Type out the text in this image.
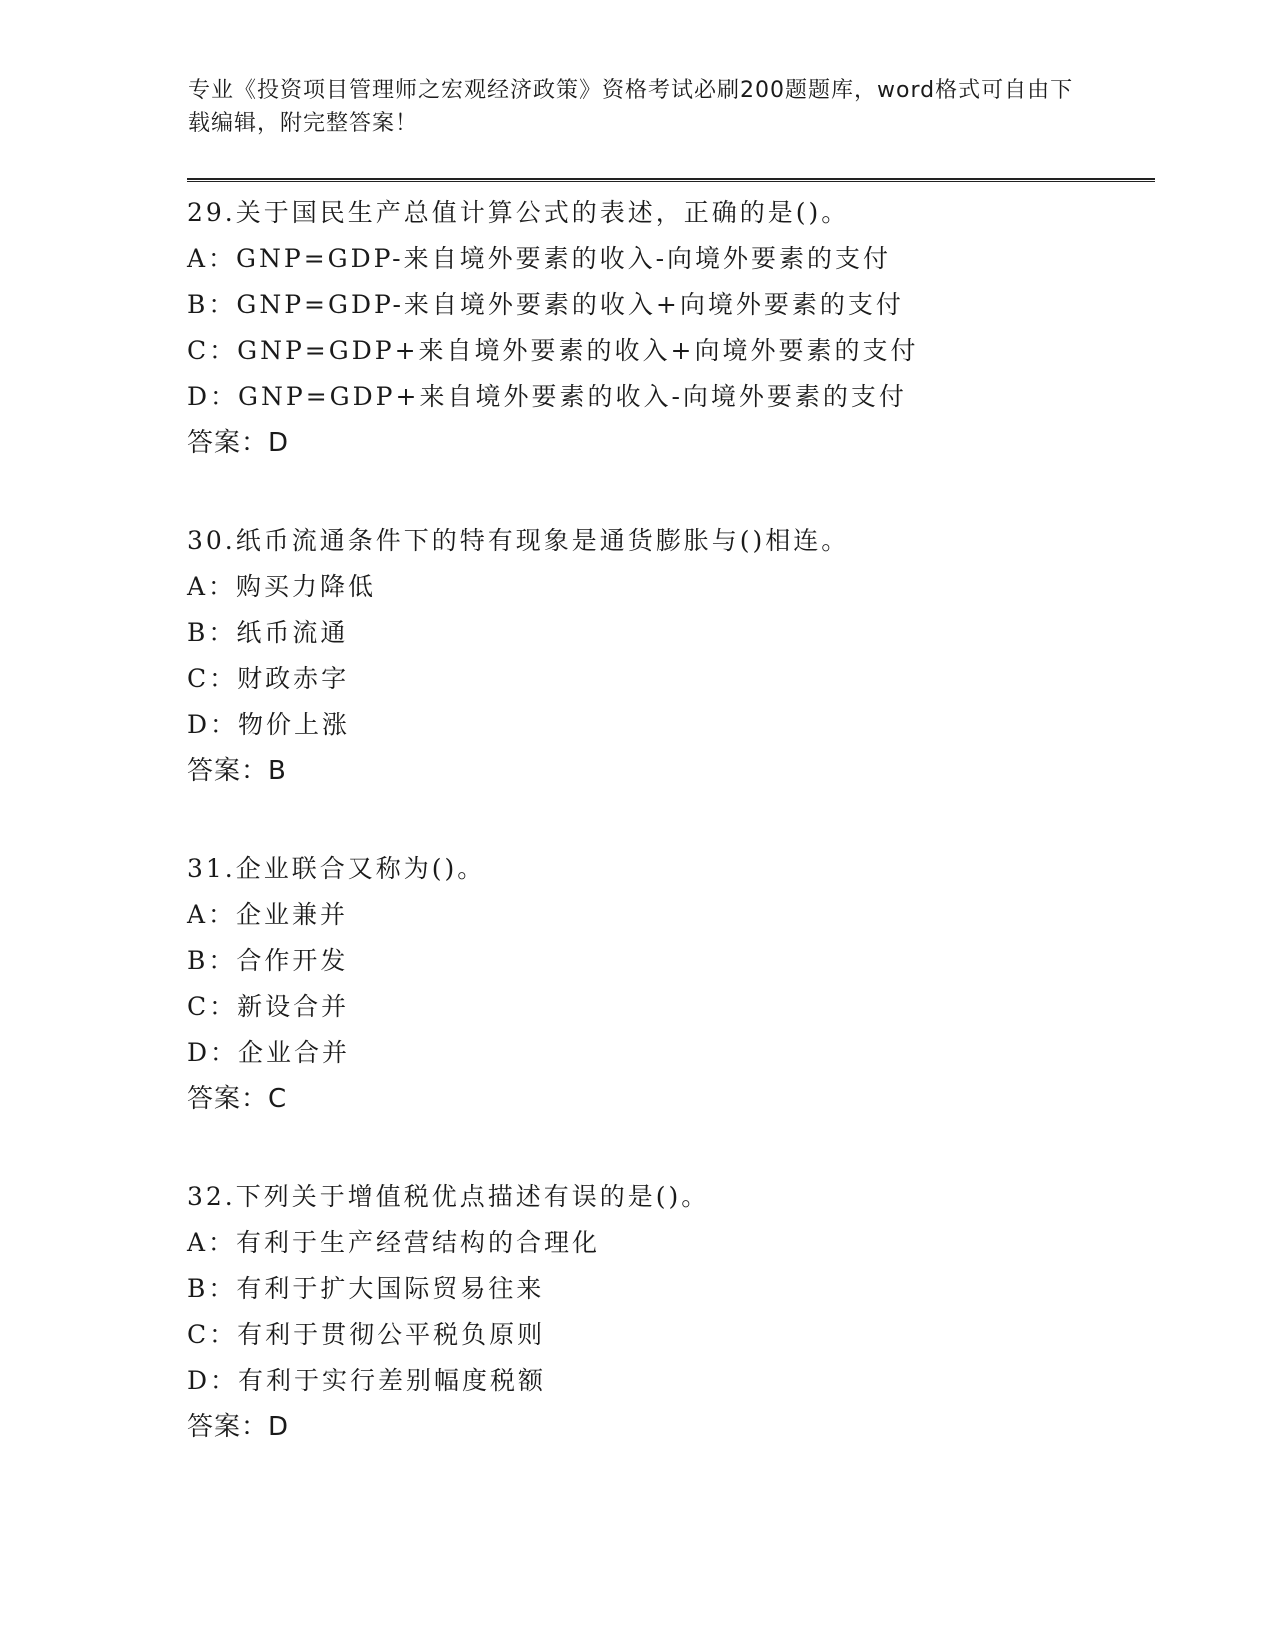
专业《投资项目管理师之宏观经济政策》资格考试必刷200题题库，word格式可自由下载编辑，附完整答案！
29.关于国民生产总值计算公式的表述，正确的是()。
A：GNP=GDP-来自境外要素的收入-向境外要素的支付
B：GNP=GDP-来自境外要素的收入+向境外要素的支付
C：GNP=GDP+来自境外要素的收入+向境外要素的支付
D：GNP=GDP+来自境外要素的收入-向境外要素的支付
答案：D
30.纸币流通条件下的特有现象是通货膨胀与()相连。
A：购买力降低
B：纸币流通
C：财政赤字
D：物价上涨
答案：B
31.企业联合又称为()。
A：企业兼并
B：合作开发
C：新设合并
D：企业合并
答案：C
32.下列关于增值税优点描述有误的是()。
A：有利于生产经营结构的合理化
B：有利于扩大国际贸易往来
C：有利于贯彻公平税负原则
D：有利于实行差别幅度税额
答案：D
